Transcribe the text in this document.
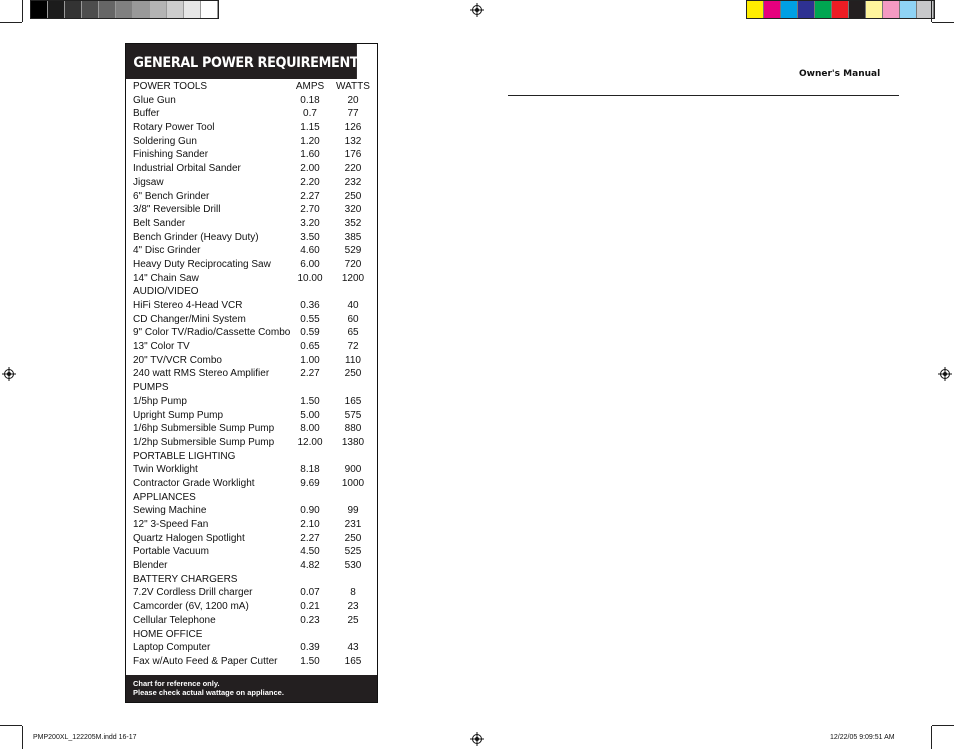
GENERAL POWER REQUIREMENTS
POWER TOOLS	AMPS	WATTS
Glue Gun	0.18	20
Buffer	0.7	77
Rotary Power Tool	1.15	126
Soldering Gun	1.20	132
Finishing Sander	1.60	176
Industrial Orbital Sander	2.00	220
Jigsaw	2.20	232
6" Bench Grinder	2.27	250
3/8" Reversible Drill	2.70	320
Belt Sander	3.20	352
Bench Grinder (Heavy Duty)	3.50	385
4" Disc Grinder	4.60	529
Heavy Duty Reciprocating Saw	6.00	720
14" Chain Saw	10.00	1200
AUDIO/VIDEO
HiFi Stereo 4-Head VCR	0.36	40
CD Changer/Mini System	0.55	60
9" Color TV/Radio/Cassette Combo 0.59	65
13" Color TV	0.65	72
20" TV/VCR Combo	1.00	110
240 watt RMS Stereo Amplifier	2.27	250
PUMPS
1/5hp Pump	1.50	165
Upright Sump Pump	5.00	575
1/6hp Submersible Sump Pump	8.00	880
1/2hp Submersible Sump Pump	12.00	1380
PORTABLE LIGHTING
Twin Worklight	8.18	900
Contractor Grade Worklight	9.69	1000
APPLIANCES
Sewing Machine	0.90	99
12" 3-Speed Fan	2.10	231
Quartz Halogen Spotlight	2.27	250
Portable Vacuum	4.50	525
Blender	4.82	530
BATTERY CHARGERS
7.2V Cordless Drill charger	0.07	8
Camcorder (6V, 1200 mA)	0.21	23
Cellular Telephone	0.23	25
HOME OFFICE
Laptop Computer	0.39	43
Fax w/Auto Feed & Paper Cutter	1.50	165
Chart for reference only.
Please check actual wattage on appliance.
Owner's Manual
PMP200XL_122205M.indd 16-17	12/22/05 9:09:51 AM
